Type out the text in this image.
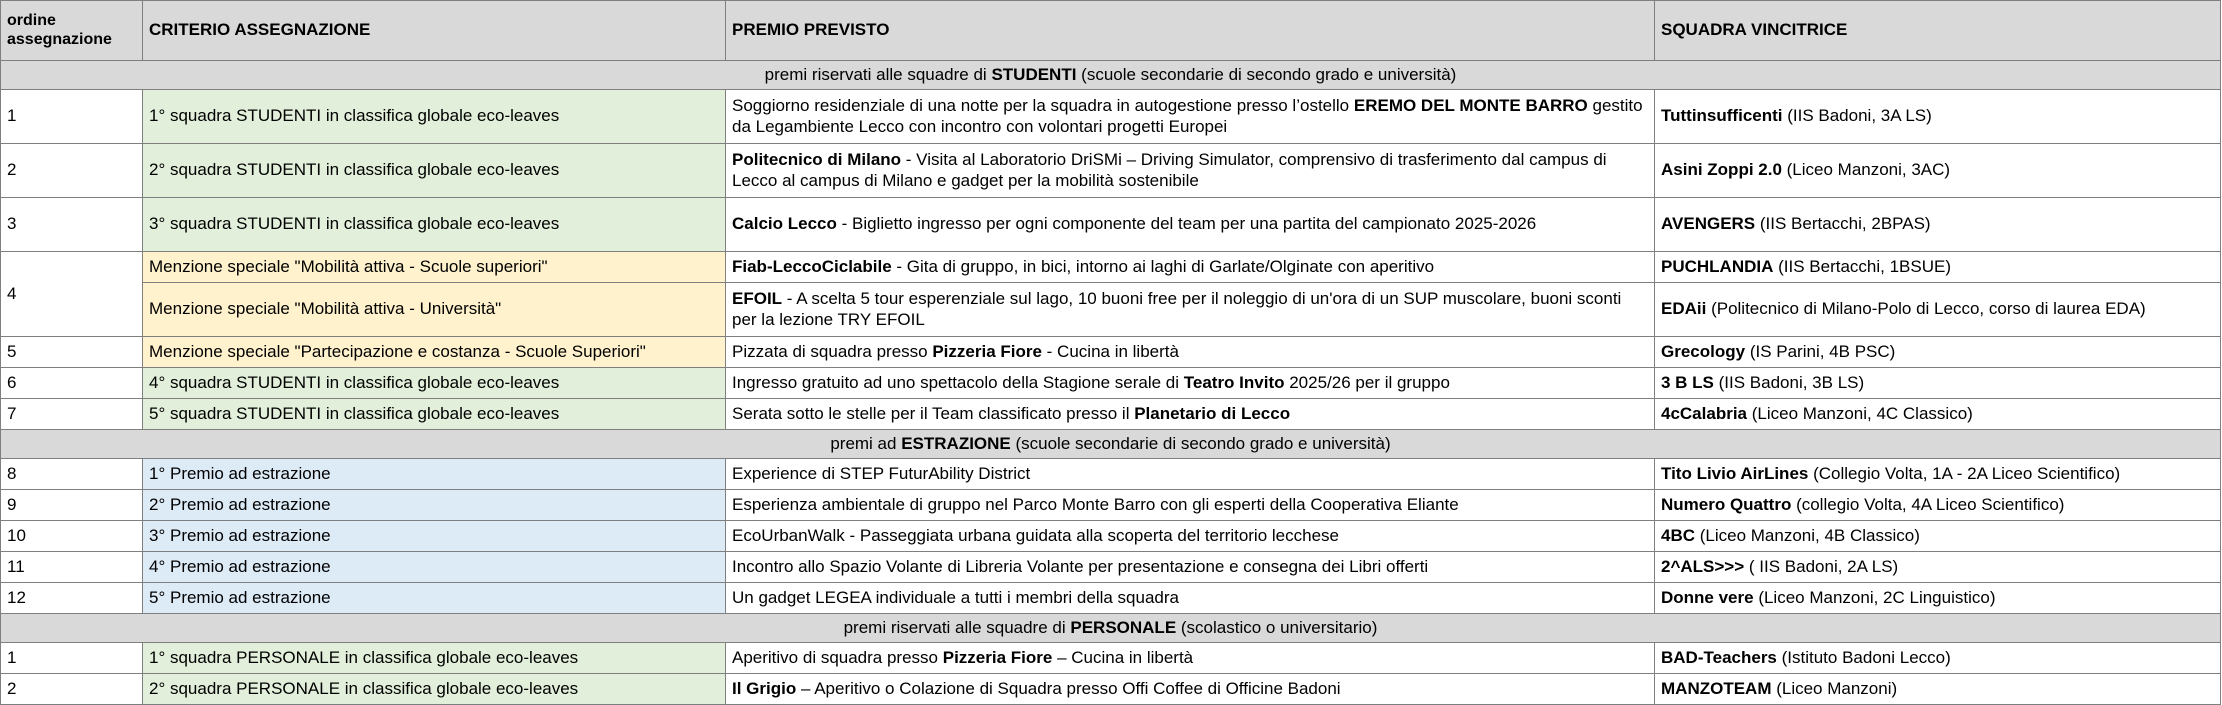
ordine assegnazione	CRITERIO ASSEGNAZIONE	PREMIO PREVISTO	SQUADRA VINCITRICE
premi riservati alle squadre di STUDENTI (scuole secondarie di secondo grado e università)			
1	1° squadra STUDENTI in classifica globale eco-leaves	Soggiorno residenziale di una notte per la squadra in autogestione presso l’ostello EREMO DEL MONTE BARRO gestito da Legambiente Lecco con incontro con volontari progetti Europei	Tuttinsufficenti (IIS Badoni, 3A LS)
2	2° squadra STUDENTI in classifica globale eco-leaves	Politecnico di Milano - Visita al Laboratorio DriSMi – Driving Simulator, comprensivo di trasferimento dal campus di Lecco al campus di Milano e gadget per la mobilità sostenibile	Asini Zoppi 2.0 (Liceo Manzoni, 3AC)
3	3° squadra STUDENTI in classifica globale eco-leaves	Calcio Lecco - Biglietto ingresso per ogni componente del team per una partita del campionato 2025-2026	AVENGERS (IIS Bertacchi, 2BPAS)
4	Menzione speciale "Mobilità attiva - Scuole superiori"	Fiab-LeccoCiclabile - Gita di gruppo, in bici, intorno ai laghi di Garlate/Olginate con aperitivo	PUCHLANDIA (IIS Bertacchi, 1BSUE)
	Menzione speciale "Mobilità attiva - Università"	EFOIL - A scelta 5 tour esperenziale sul lago, 10 buoni free per il noleggio di un'ora di un SUP muscolare, buoni sconti per la lezione TRY EFOIL	EDAii (Politecnico di Milano-Polo di Lecco, corso di laurea EDA)
5	Menzione speciale "Partecipazione e costanza - Scuole Superiori"	Pizzata di squadra presso Pizzeria Fiore - Cucina in libertà	Grecology (IS Parini, 4B PSC)
6	4° squadra STUDENTI in classifica globale eco-leaves	Ingresso gratuito ad uno spettacolo della Stagione serale di Teatro Invito 2025/26 per il gruppo	3 B LS (IIS Badoni, 3B LS)
7	5° squadra STUDENTI in classifica globale eco-leaves	Serata sotto le stelle per il Team classificato presso il Planetario di Lecco	4cCalabria (Liceo Manzoni, 4C Classico)
premi ad ESTRAZIONE (scuole secondarie di secondo grado e università)			
8	1° Premio ad estrazione	Experience di STEP FuturAbility District	Tito Livio AirLines (Collegio Volta, 1A - 2A Liceo Scientifico)
9	2° Premio ad estrazione	Esperienza ambientale di gruppo nel Parco Monte Barro con gli esperti della Cooperativa Eliante	Numero Quattro (collegio Volta, 4A Liceo Scientifico)
10	3° Premio ad estrazione	EcoUrbanWalk - Passeggiata urbana guidata alla scoperta del territorio lecchese	4BC (Liceo Manzoni, 4B Classico)
11	4° Premio ad estrazione	Incontro allo Spazio Volante di Libreria Volante per presentazione e consegna dei Libri offerti	2^ALS>>> ( IIS Badoni, 2A LS)
12	5° Premio ad estrazione	Un gadget LEGEA individuale a tutti i membri della squadra	Donne vere (Liceo Manzoni, 2C Linguistico)
premi riservati alle squadre di PERSONALE (scolastico o universitario)			
1	1° squadra PERSONALE in classifica globale eco-leaves	Aperitivo di squadra presso Pizzeria Fiore – Cucina in libertà	BAD-Teachers (Istituto Badoni Lecco)
2	2° squadra PERSONALE in classifica globale eco-leaves	Il Grigio – Aperitivo o Colazione di Squadra presso Offi Coffee di Officine Badoni	MANZOTEAM (Liceo Manzoni)
